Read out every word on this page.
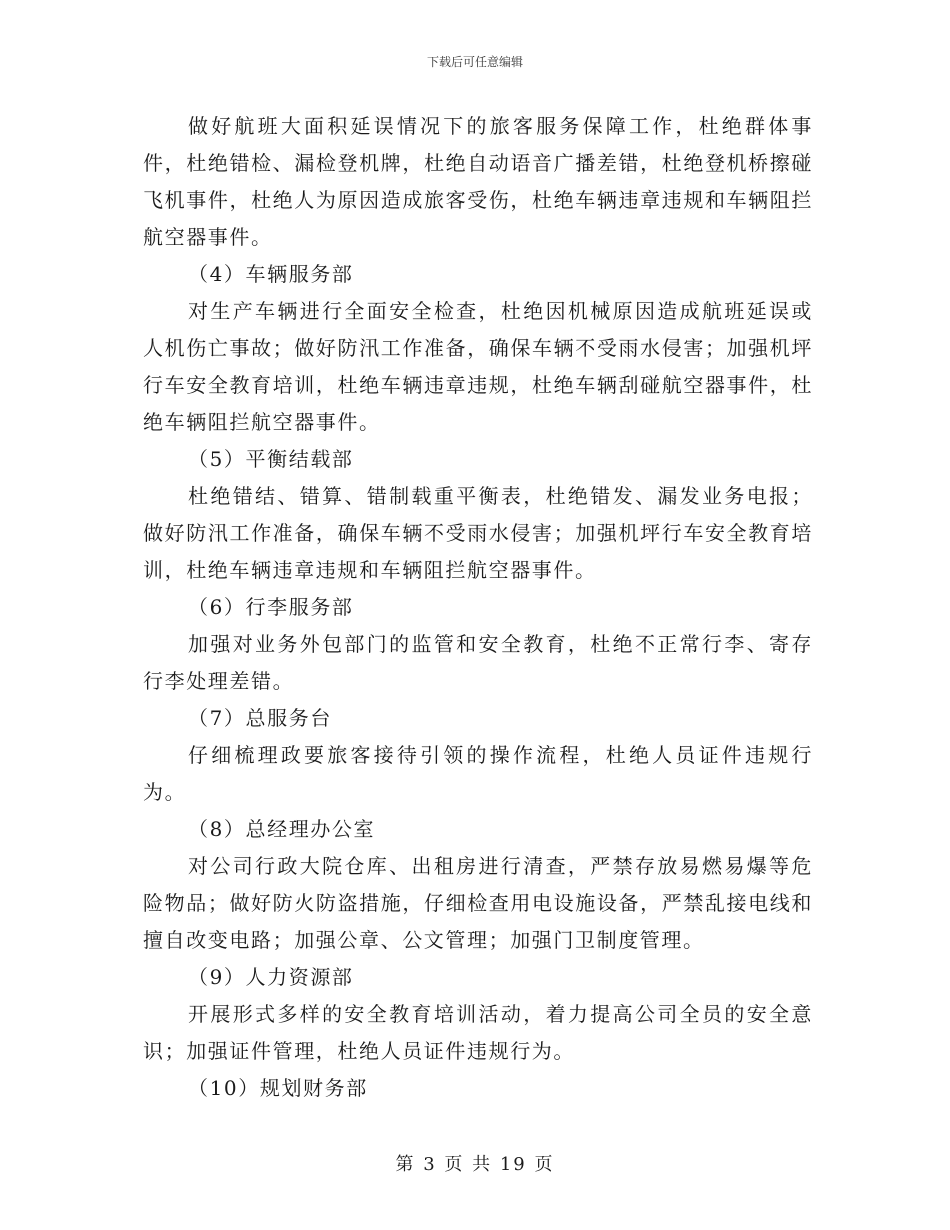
下载后可任意编辑

做好航班大面积延误情况下的旅客服务保障工作，杜绝群体事件，杜绝错检、漏检登机牌，杜绝自动语音广播差错，杜绝登机桥擦碰飞机事件，杜绝人为原因造成旅客受伤，杜绝车辆违章违规和车辆阻拦航空器事件。

（4）车辆服务部

对生产车辆进行全面安全检查，杜绝因机械原因造成航班延误或人机伤亡事故；做好防汛工作准备，确保车辆不受雨水侵害；加强机坪行车安全教育培训，杜绝车辆违章违规，杜绝车辆刮碰航空器事件，杜绝车辆阻拦航空器事件。

（5）平衡结载部

杜绝错结、错算、错制载重平衡表，杜绝错发、漏发业务电报；做好防汛工作准备，确保车辆不受雨水侵害；加强机坪行车安全教育培训，杜绝车辆违章违规和车辆阻拦航空器事件。

（6）行李服务部

加强对业务外包部门的监管和安全教育，杜绝不正常行李、寄存行李处理差错。

（7）总服务台

仔细梳理政要旅客接待引领的操作流程，杜绝人员证件违规行为。

（8）总经理办公室

对公司行政大院仓库、出租房进行清查，严禁存放易燃易爆等危险物品；做好防火防盗措施，仔细检查用电设施设备，严禁乱接电线和擅自改变电路；加强公章、公文管理；加强门卫制度管理。

（9）人力资源部

开展形式多样的安全教育培训活动，着力提高公司全员的安全意识；加强证件管理，杜绝人员证件违规行为。

（10）规划财务部

第 3 页 共 19 页
